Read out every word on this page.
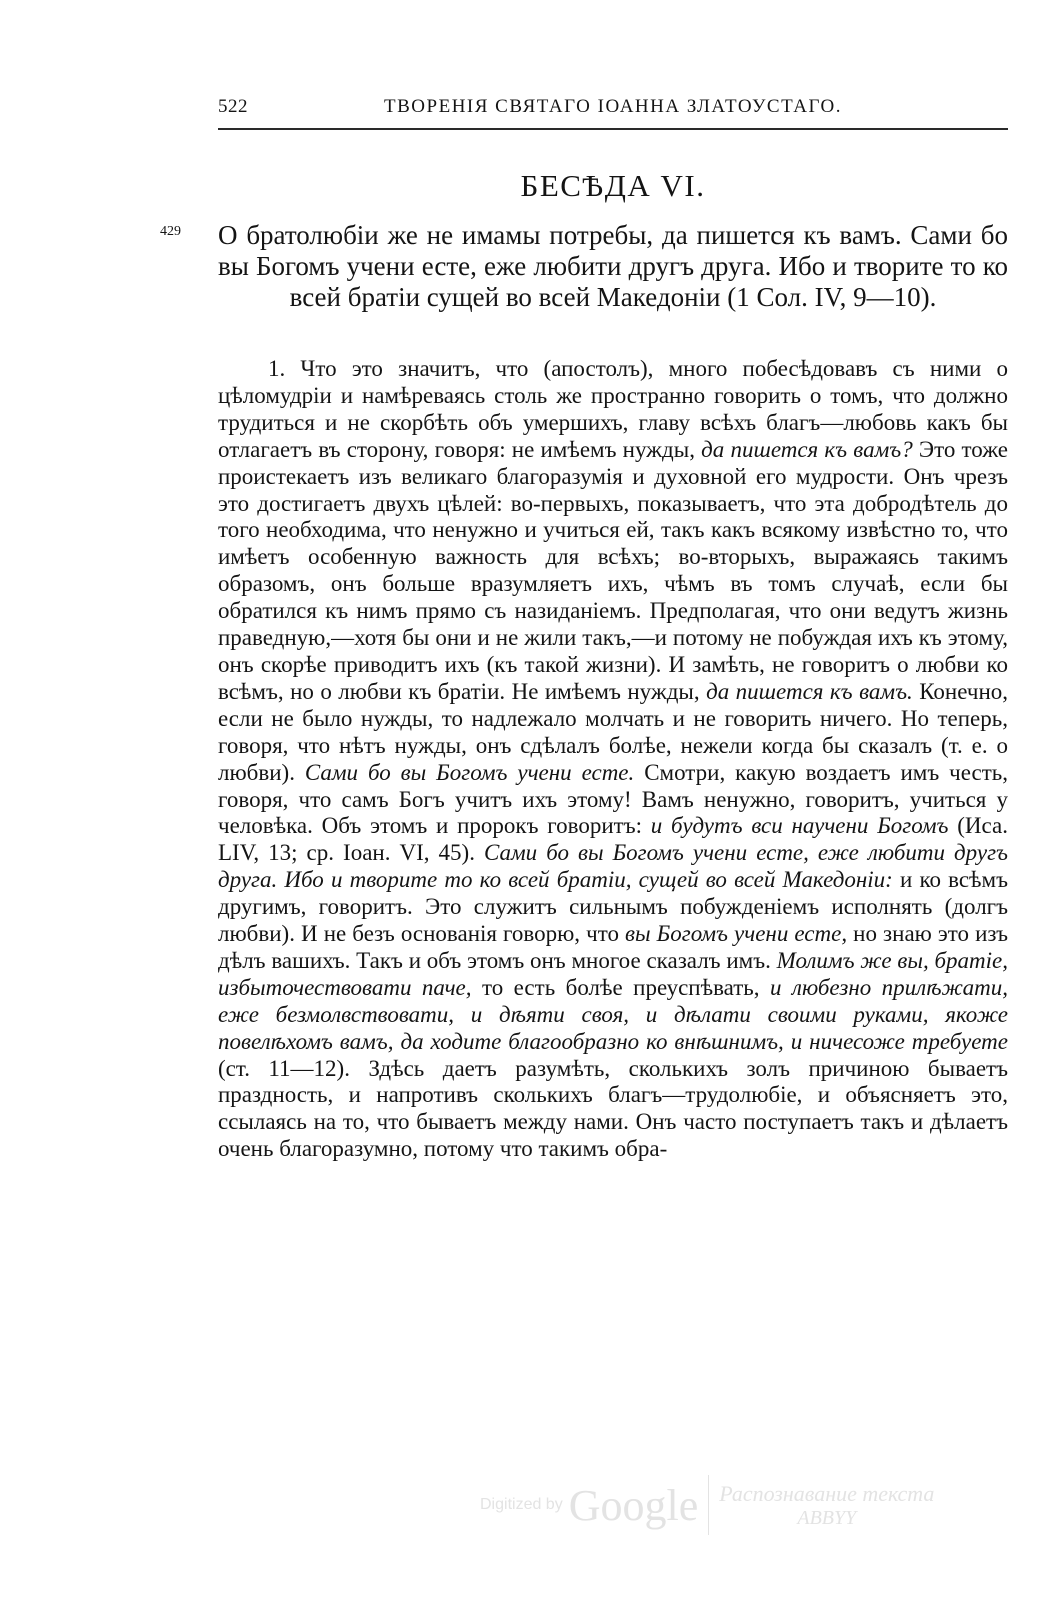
522	ТВОРЕНІЯ СВЯТАГО ІОАННА ЗЛАТОУСТАГО.
БЕСѢДА VI.
429 О братолюбіи же не имамы потребы, да пишется къ вамъ. Сами бо вы Богомъ учени есте, еже любити другъ друга. Ибо и творите то ко всей братіи сущей во всей Македоніи (1 Сол. IV, 9—10).
1. Что это значитъ, что (апостолъ), много побесѣдовавъ съ ними о цѣломудріи и намѣреваясь столь же пространно говорить о томъ, что должно трудиться и не скорбѣть объ умершихъ, главу всѣхъ благъ—любовь какъ бы отлагаетъ въ сторону, говоря: не имѣемъ нужды, да пишется къ вамъ? Это тоже проистекаетъ изъ великаго благоразумія и духовной его мудрости. Онъ чрезъ это достигаетъ двухъ цѣлей: во-первыхъ, показываетъ, что эта добродѣтель до того необходима, что ненужно и учиться ей, такъ какъ всякому извѣстно то, что имѣетъ особенную важность для всѣхъ; во-вторыхъ, выражаясь такимъ образомъ, онъ больше вразумляетъ ихъ, чѣмъ въ томъ случаѣ, если бы обратился къ нимъ прямо съ назиданіемъ. Предполагая, что они ведутъ жизнь праведную,—хотя бы они и не жили такъ,—и потому не побуждая ихъ къ этому, онъ скорѣе приводитъ ихъ (къ такой жизни). И замѣть, не говоритъ о любви ко всѣмъ, но о любви къ братіи. Не имѣемъ нужды, да пишется къ вамъ. Конечно, если не было нужды, то надлежало молчать и не говорить ничего. Но теперь, говоря, что нѣтъ нужды, онъ сдѣлалъ болѣе, нежели когда бы сказалъ (т. е. о любви). Сами бо вы Богомъ учени есте. Смотри, какую воздаетъ имъ честь, говоря, что самъ Богъ учитъ ихъ этому! Вамъ ненужно, говоритъ, учиться у человѣка. Объ этомъ и пророкъ говоритъ: и будутъ вси научени Богомъ (Иса. LIV, 13; ср. Іоан. VI, 45). Сами бо вы Богомъ учени есте, еже любити другъ друга. Ибо и творите то ко всей братіи, сущей во всей Македоніи: и ко всѣмъ другимъ, говоритъ. Это служитъ сильнымъ побужденіемъ исполнять (долгъ любви). И не безъ основанія говорю, что вы Богомъ учени есте, но знаю это изъ дѣлъ вашихъ. Такъ и объ этомъ онъ многое сказалъ имъ. Молимъ же вы, братіе, избыточествовати паче, то есть болѣе преуспѣвать, и любезно прилѣжати, еже безмолвствовати, и дѣяти своя, и дѣлати своими руками, якоже повелѣхомъ вамъ, да ходите благообразно ко внѣшнимъ, и ничесоже требуете (ст. 11—12). Здѣсь даетъ разумѣть, сколькихъ золъ причиною бываетъ праздность, и напротивъ сколькихъ благъ—трудолюбіе, и объясняетъ это, ссылаясь на то, что бываетъ между нами. Онъ часто поступаетъ такъ и дѣлаетъ очень благоразумно, потому что такимъ обра-
Digitized by Google Распознавание текста
ABBYY
